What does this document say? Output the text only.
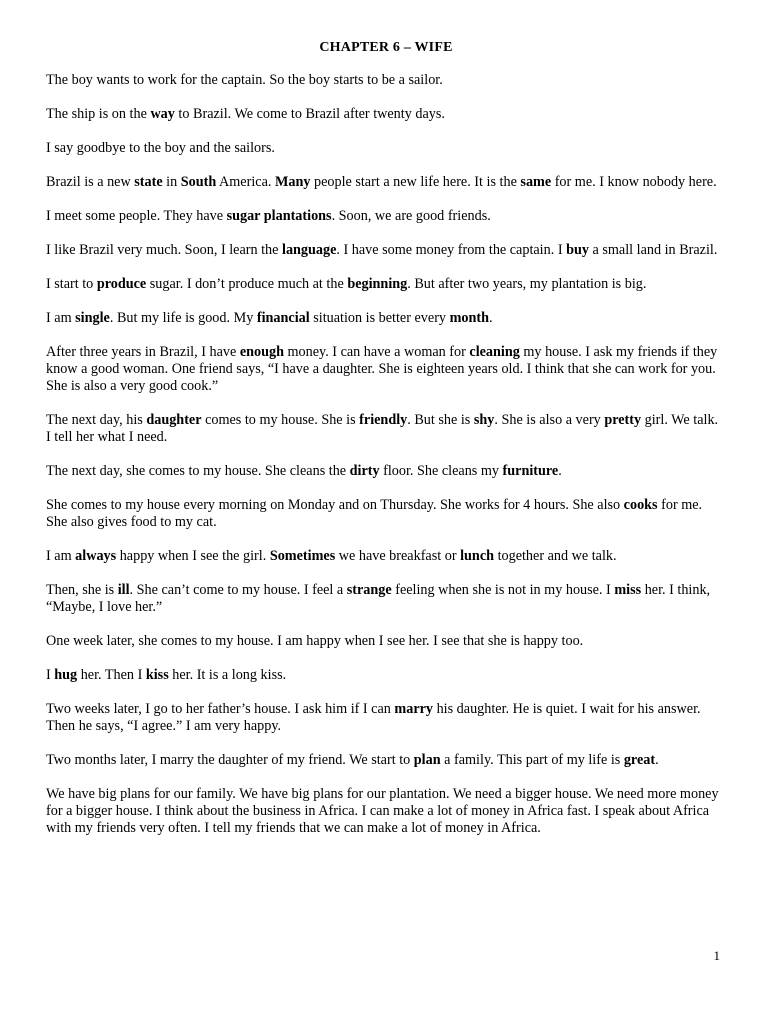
CHAPTER 6 – WIFE
The boy wants to work for the captain. So the boy starts to be a sailor.
The ship is on the way to Brazil. We come to Brazil after twenty days.
I say goodbye to the boy and the sailors.
Brazil is a new state in South America. Many people start a new life here. It is the same for me. I know nobody here.
I meet some people. They have sugar plantations. Soon, we are good friends.
I like Brazil very much. Soon, I learn the language. I have some money from the captain. I buy a small land in Brazil.
I start to produce sugar. I don’t produce much at the beginning. But after two years, my plantation is big.
I am single. But my life is good. My financial situation is better every month.
After three years in Brazil, I have enough money. I can have a woman for cleaning my house. I ask my friends if they know a good woman. One friend says, “I have a daughter. She is eighteen years old. I think that she can work for you. She is also a very good cook.”
The next day, his daughter comes to my house. She is friendly. But she is shy. She is also a very pretty girl. We talk. I tell her what I need.
The next day, she comes to my house. She cleans the dirty floor. She cleans my furniture.
She comes to my house every morning on Monday and on Thursday. She works for 4 hours. She also cooks for me. She also gives food to my cat.
I am always happy when I see the girl. Sometimes we have breakfast or lunch together and we talk.
Then, she is ill. She can’t come to my house. I feel a strange feeling when she is not in my house. I miss her. I think, “Maybe, I love her.”
One week later, she comes to my house. I am happy when I see her. I see that she is happy too.
I hug her. Then I kiss her. It is a long kiss.
Two weeks later, I go to her father’s house. I ask him if I can marry his daughter. He is quiet. I wait for his answer. Then he says, “I agree.” I am very happy.
Two months later, I marry the daughter of my friend. We start to plan a family. This part of my life is great.
We have big plans for our family. We have big plans for our plantation. We need a bigger house. We need more money for a bigger house. I think about the business in Africa. I can make a lot of money in Africa fast. I speak about Africa with my friends very often. I tell my friends that we can make a lot of money in Africa.
1
